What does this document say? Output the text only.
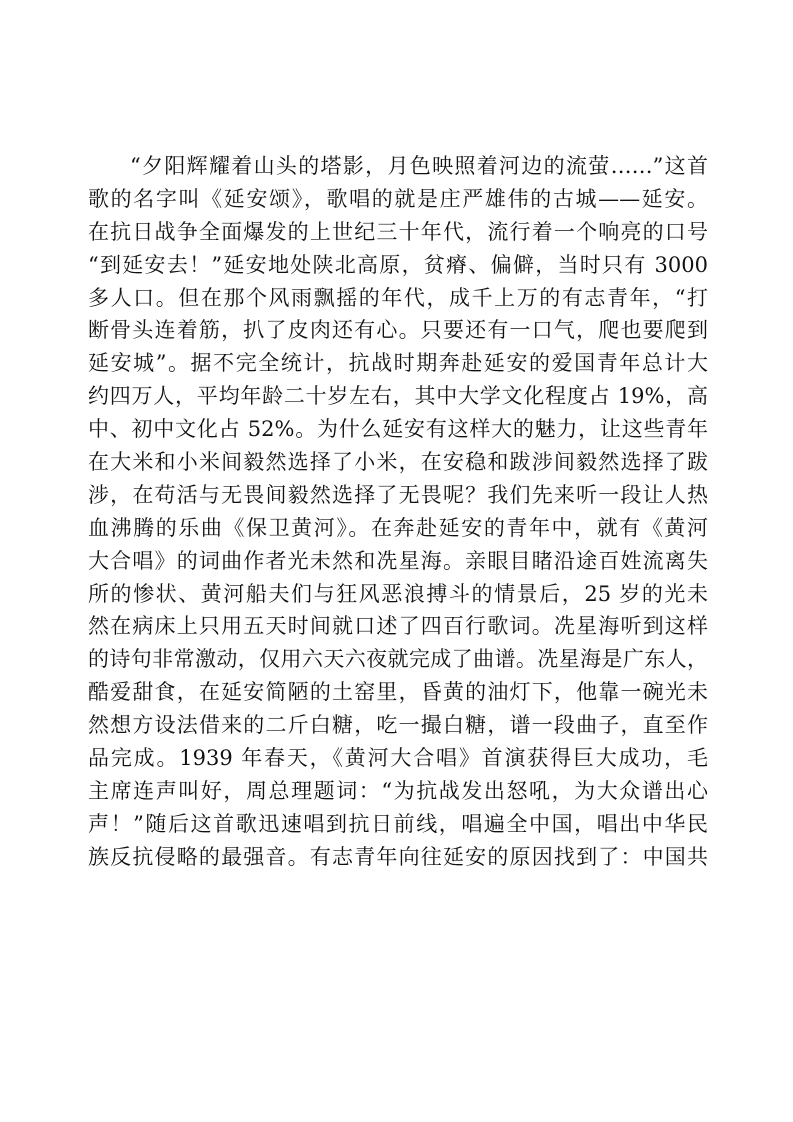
“夕阳辉耀着山头的塔影，月色映照着河边的流萤……”这首
歌的名字叫《延安颂》，歌唱的就是庄严雄伟的古城——延安。
在抗日战争全面爆发的上世纪三十年代，流行着一个响亮的口号
“到延安去！”延安地处陕北高原，贫瘠、偏僻，当时只有 3000
多人口。但在那个风雨飘摇的年代，成千上万的有志青年，“打
断骨头连着筋，扒了皮肉还有心。只要还有一口气，爬也要爬到
延安城”。据不完全统计，抗战时期奔赴延安的爱国青年总计大
约四万人，平均年龄二十岁左右，其中大学文化程度占 19%，高
中、初中文化占 52%。为什么延安有这样大的魅力，让这些青年
在大米和小米间毅然选择了小米，在安稳和跋涉间毅然选择了跋
涉，在苟活与无畏间毅然选择了无畏呢？我们先来听一段让人热
血沸腾的乐曲《保卫黄河》。在奔赴延安的青年中，就有《黄河
大合唱》的词曲作者光未然和冼星海。亲眼目睹沿途百姓流离失
所的惨状、黄河船夫们与狂风恶浪搏斗的情景后，25 岁的光未
然在病床上只用五天时间就口述了四百行歌词。冼星海听到这样
的诗句非常激动，仅用六天六夜就完成了曲谱。冼星海是广东人，
酷爱甜食，在延安简陋的土窑里，昏黄的油灯下，他靠一碗光未
然想方设法借来的二斤白糖，吃一撮白糖，谱一段曲子，直至作
品完成。1939 年春天，《黄河大合唱》首演获得巨大成功，毛
主席连声叫好，周总理题词：“为抗战发出怒吼，为大众谱出心
声！”随后这首歌迅速唱到抗日前线，唱遍全中国，唱出中华民
族反抗侵略的最强音。有志青年向往延安的原因找到了：中国共
